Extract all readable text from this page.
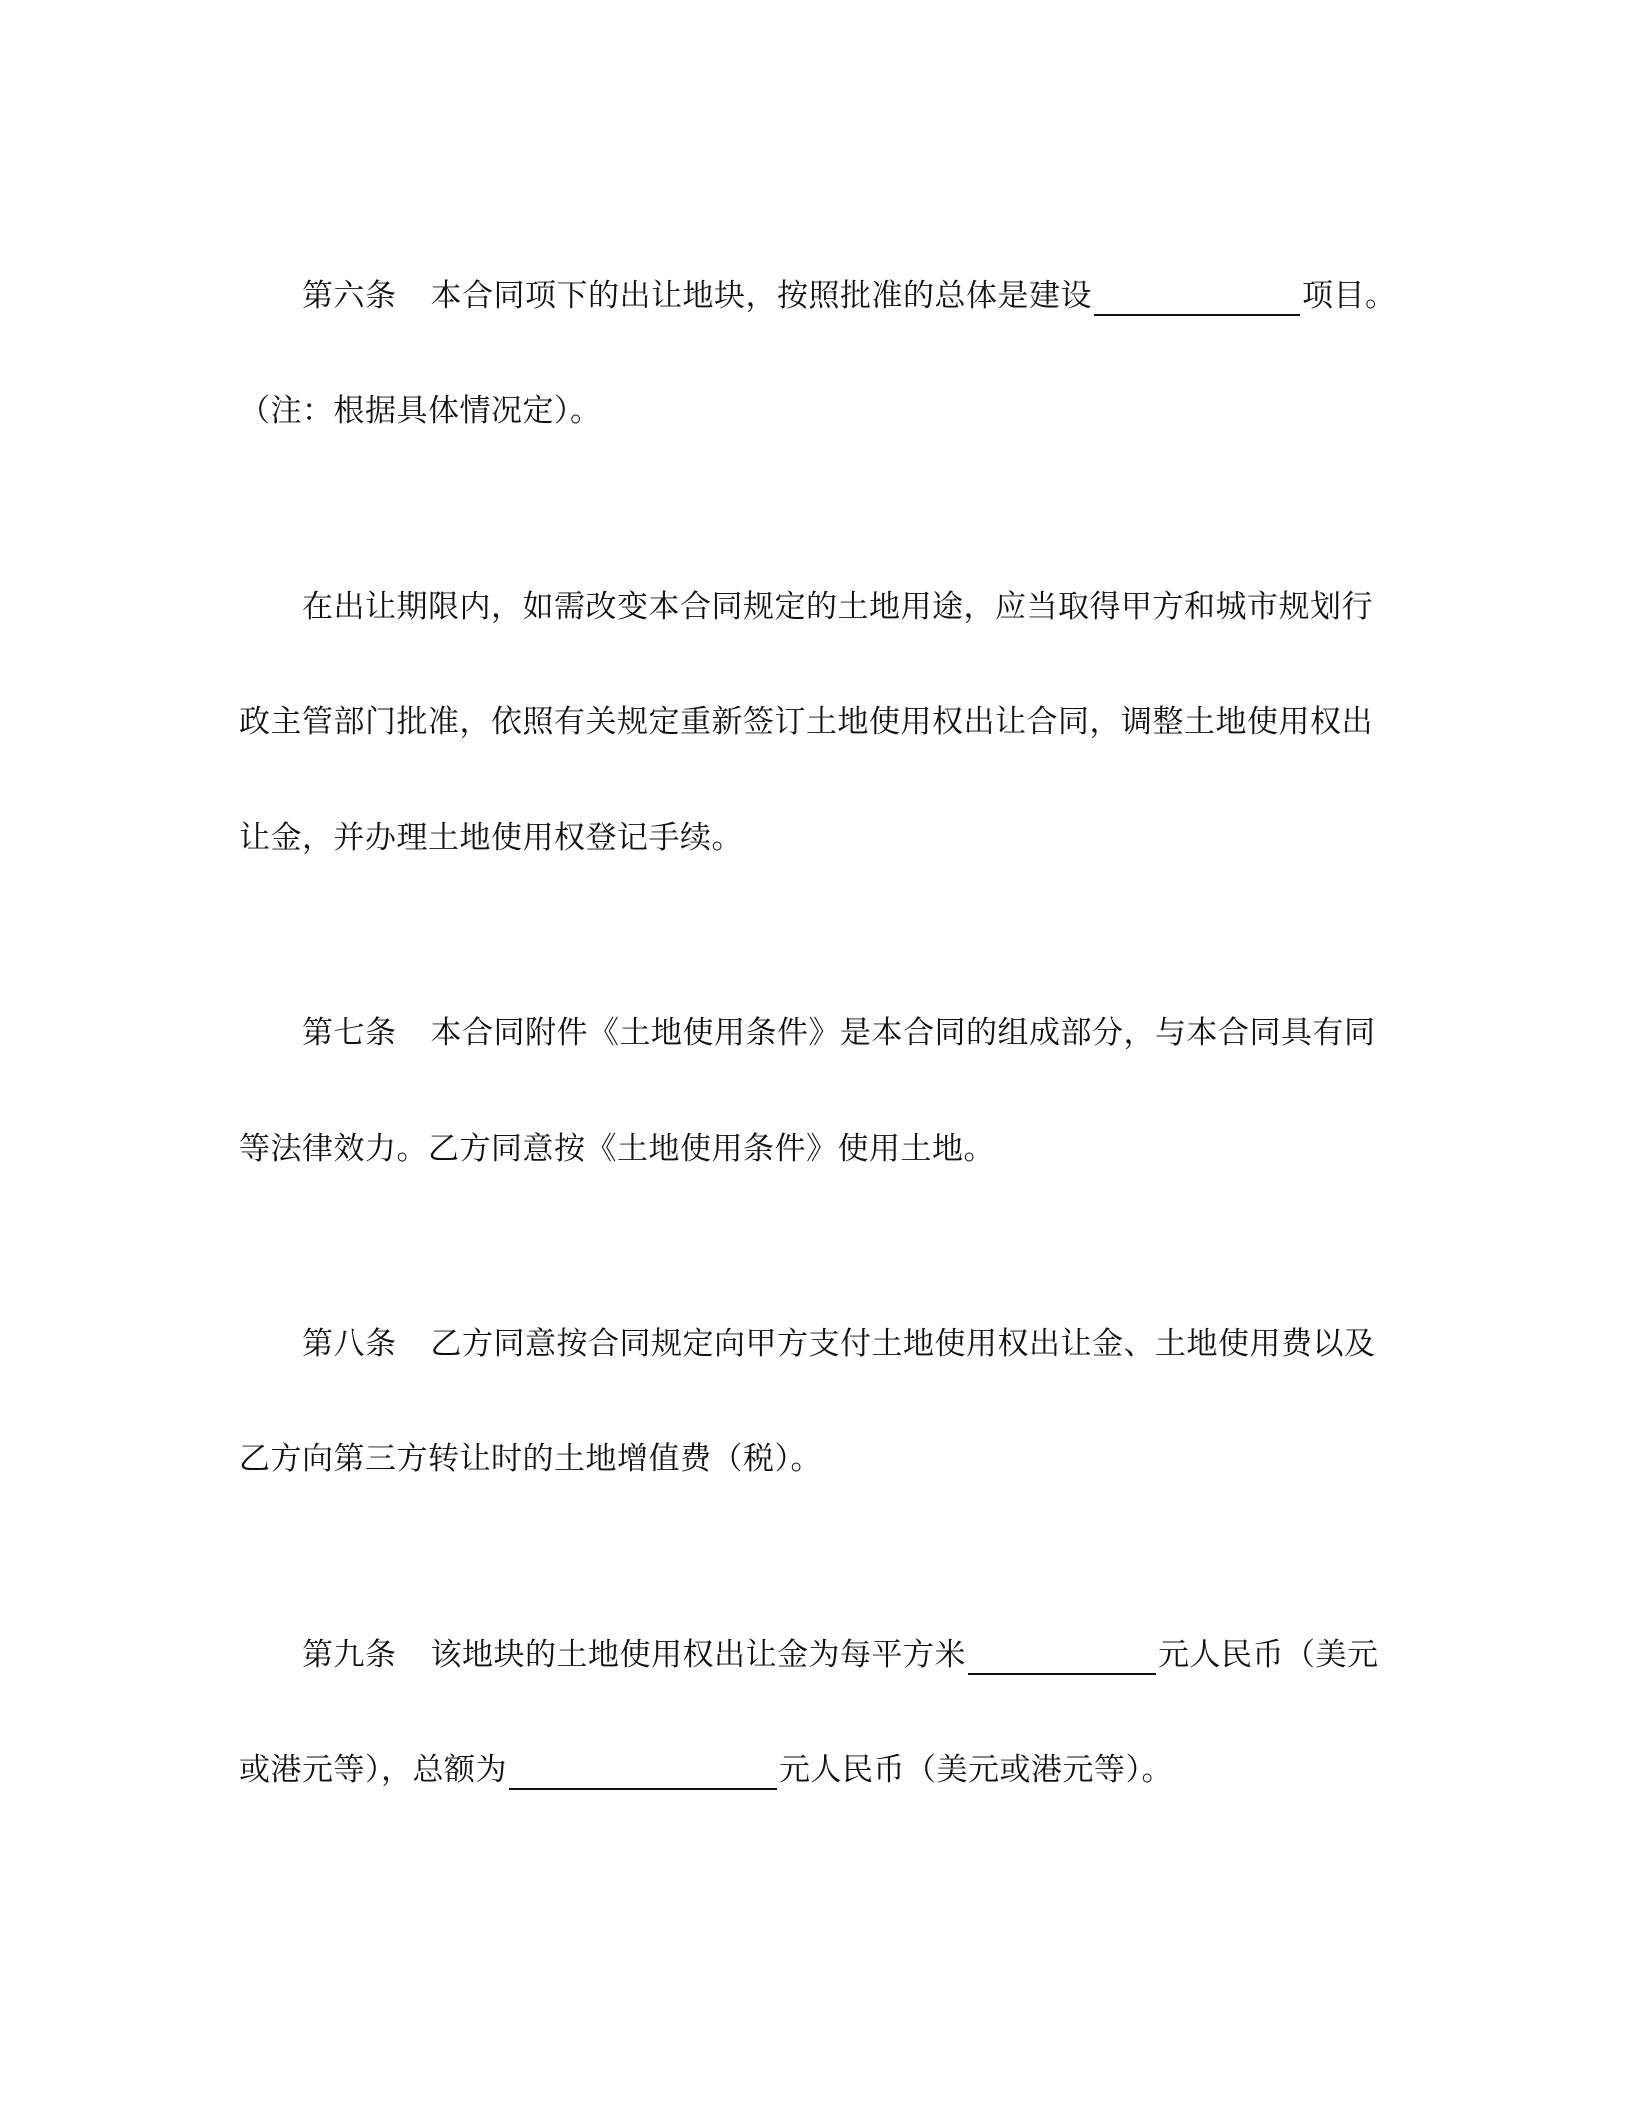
第六条 本合同项下的出让地块，按照批准的总体是建设	项目。
（注：根据具体情况定）。
在出让期限内，如需改变本合同规定的土地用途，应当取得甲方和城市规划行
政主管部门批准，依照有关规定重新签订土地使用权出让合同，调整土地使用权出
让金，并办理土地使用权登记手续。
第七条 本合同附件《土地使用条件》是本合同的组成部分，与本合同具有同
等法律效力。乙方同意按《土地使用条件》使用土地。
第八条 乙方同意按合同规定向甲方支付土地使用权出让金、土地使用费以及
乙方向第三方转让时的土地增值费（税）。
第九条 该地块的土地使用权出让金为每平方米	元人民币（美元
或港元等），总额为	元人民币（美元或港元等）。
